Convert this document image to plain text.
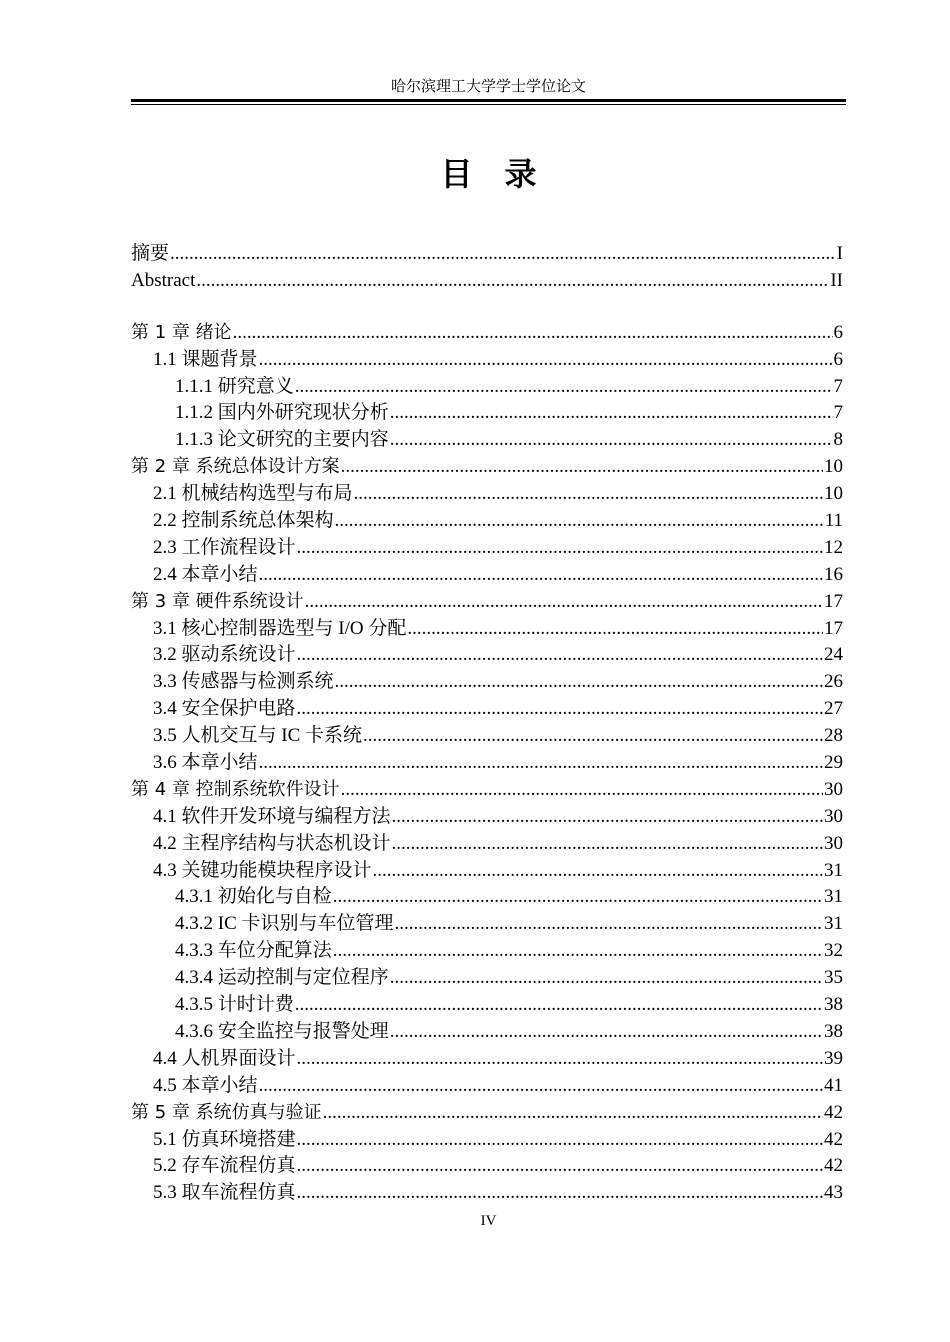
哈尔滨理工大学学士学位论文
目录
摘要 .....	I
Abstract .....	II
第 1 章 绪论 .....	6
1.1 课题背景 .....	6
1.1.1 研究意义 .....	7
1.1.2 国内外研究现状分析 .....	7
1.1.3 论文研究的主要内容 .....	8
第 2 章 系统总体设计方案 .....	10
2.1 机械结构选型与布局 .....	10
2.2 控制系统总体架构 .....	11
2.3 工作流程设计 .....	12
2.4 本章小结 .....	16
第 3 章 硬件系统设计 .....	17
3.1 核心控制器选型与 I/O 分配 .....	17
3.2 驱动系统设计 .....	24
3.3 传感器与检测系统 .....	26
3.4 安全保护电路 .....	27
3.5 人机交互与 IC 卡系统 .....	28
3.6 本章小结 .....	29
第 4 章 控制系统软件设计 .....	30
4.1 软件开发环境与编程方法 .....	30
4.2 主程序结构与状态机设计 .....	30
4.3 关键功能模块程序设计 .....	31
4.3.1 初始化与自检 .....	31
4.3.2 IC 卡识别与车位管理 .....	31
4.3.3 车位分配算法 .....	32
4.3.4 运动控制与定位程序 .....	35
4.3.5 计时计费 .....	38
4.3.6 安全监控与报警处理 .....	38
4.4 人机界面设计 .....	39
4.5 本章小结 .....	41
第 5 章 系统仿真与验证 .....	42
5.1 仿真环境搭建 .....	42
5.2 存车流程仿真 .....	42
5.3 取车流程仿真 .....	43
IV
